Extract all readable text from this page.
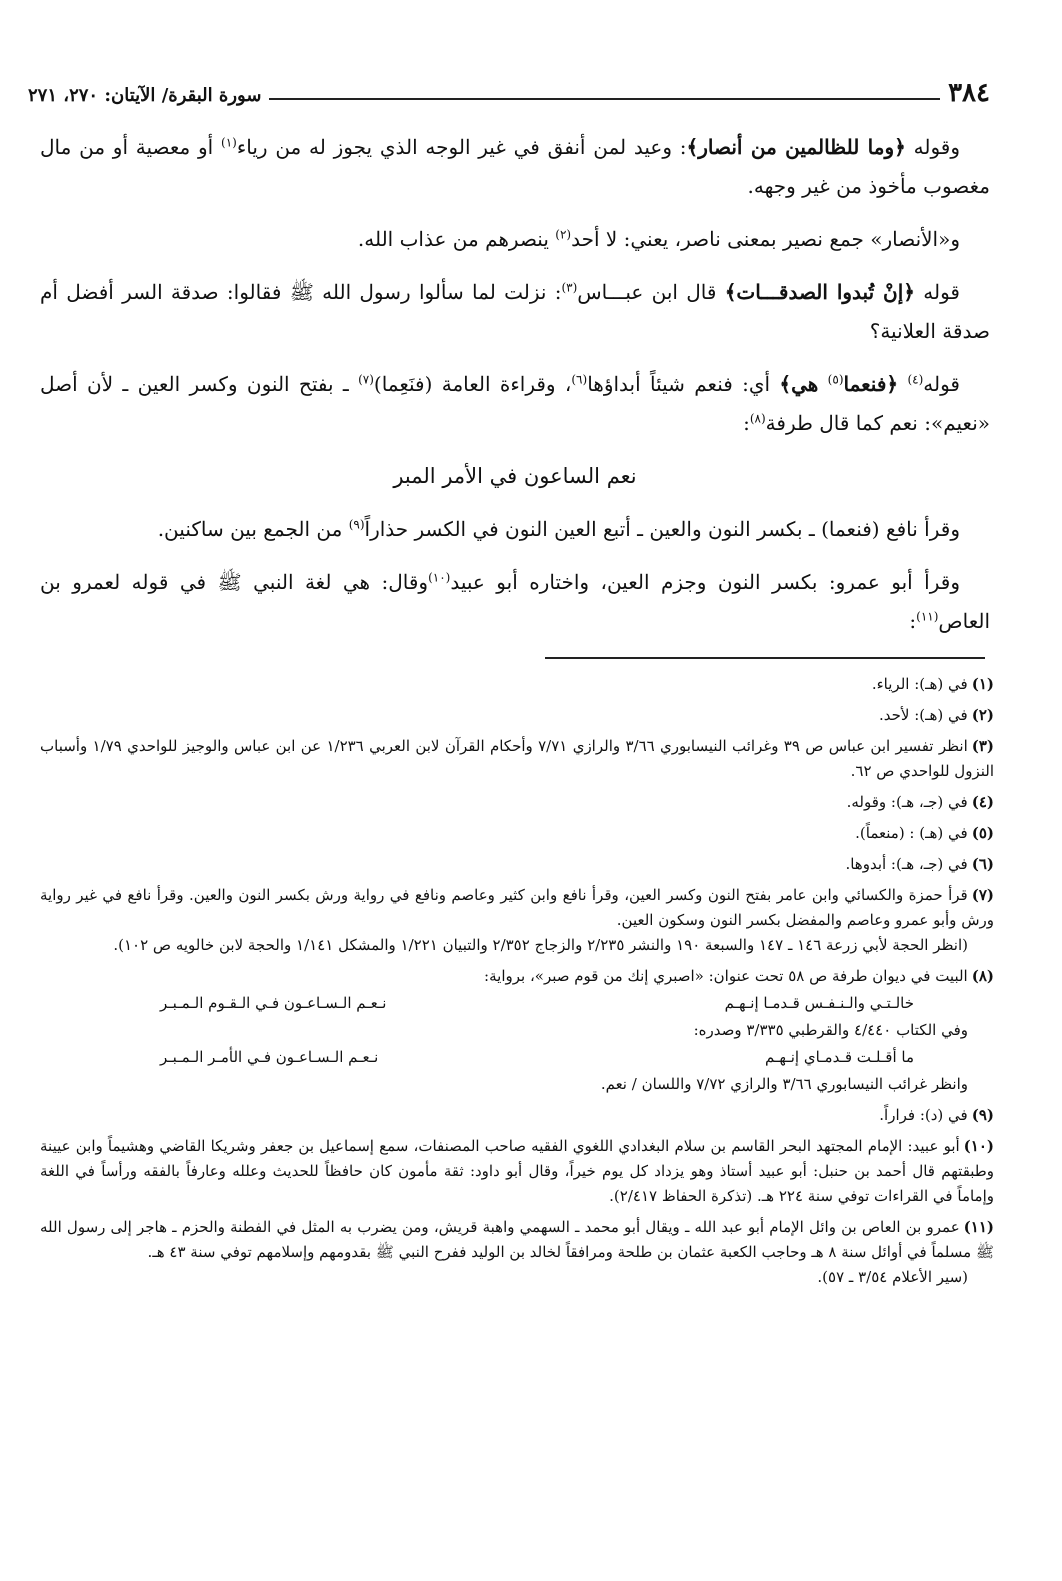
٣٨٤
سورة البقرة/ الآيتان: ٢٧٠، ٢٧١

وقوله ﴿وما للظالمين من أنصار﴾: وعيد لمن أنفق في غير الوجه الذي يجوز له من رياء$^{(١)}$ أو معصية أو من مال مغصوب مأخوذ من غير وجهه.

و«الأنصار» جمع نصير بمعنى ناصر، يعني: لا أحد$^{(٢)}$ ينصرهم من عذاب الله.

قوله ﴿إنْ تُبدوا الصدقـــات﴾ قال ابن عبـــاس$^{(٣)}$: نزلت لما سألوا رسول الله ﷺ فقالوا: صدقة السر أفضل أم صدقة العلانية؟

قوله$^{(٤)}$ ﴿فنعما$^{(٥)}$ هي﴾ أي: فنعم شيئاً أبداؤها$^{(٦)}$، وقراءة العامة (فنَعِما)$^{(٧)}$ ـ بفتح النون وكسر العين ـ لأن أصل «نعيم»: نعم كما قال طرفة$^{(٨)}$:

نعم الساعون في الأمر المبر

وقرأ نافع (فنعما) ـ بكسر النون والعين ـ أتبع العين النون في الكسر حذاراً$^{(٩)}$ من الجمع بين ساكنين.

وقرأ أبو عمرو: بكسر النون وجزم العين، واختاره أبو عبيد$^{(١٠)}$وقال: هي لغة النبي ﷺ في قوله لعمرو بن العاص$^{(١١)}$:

(١)في (هـ): الرياء.

(٢)في (هـ): لأحد.

(٣)انظر تفسير ابن عباس ص ٣٩ وغرائب النيسابوري ٣/٦٦ والرازي ٧/٧١ وأحكام القرآن لابن العربي ١/٢٣٦ عن ابن عباس والوجيز للواحدي ١/٧٩ وأسباب النزول للواحدي ص ٦٢.

(٤)في (جـ، هـ): وقوله.

(٥)في (هـ) : (منعماً).

(٦)في (جـ، هـ): أبدوها.

(٧)قرأ حمزة والكسائي وابن عامر بفتح النون وكسر العين، وقرأ نافع وابن كثير وعاصم ونافع في رواية ورش بكسر النون والعين. وقرأ نافع في غير رواية ورش وأبو عمرو وعاصم والمفضل بكسر النون وسكون العين.

(انظر الحجة لأبي زرعة ١٤٦ ـ ١٤٧ والسبعة ١٩٠ والنشر ٢/٢٣٥ والزجاج ٢/٣٥٢ والتبيان ١/٢٢١ والمشكل ١/١٤١ والحجة لابن خالويه ص ١٠٢).

(٨)البيت في ديوان طرفة ص ٥٨ تحت عنوان: «اصبري إنك من قوم صبر»، برواية:

خالـتـي والـنـفـس قـدمـا إنـهـم
نـعـم الـسـاعـون فـي الـقـوم الـمـبـر

وفي الكتاب ٤/٤٤٠ والقرطبي ٣/٣٣٥ وصدره:

ما أقـلـت قـدمـاي إنـهـم
نـعـم الـسـاعـون فـي الأمـر الـمـبـر

وانظر غرائب النيسابوري ٣/٦٦ والرازي ٧/٧٢ واللسان / نعم.

(٩)في (د): فراراً.

(١٠)أبو عبيد: الإمام المجتهد البحر القاسم بن سلام البغدادي اللغوي الفقيه صاحب المصنفات، سمع إسماعيل بن جعفر وشريكا القاضي وهشيماً وابن عيينة وطبقتهم قال أحمد بن حنبل: أبو عبيد أستاذ وهو يزداد كل يوم خيراً، وقال أبو داود: ثقة مأمون كان حافظاً للحديث وعلله وعارفاً بالفقه ورأساً في اللغة وإماماً في القراءات توفي سنة ٢٢٤ هـ. (تذكرة الحفاظ ٢/٤١٧).

(١١)عمرو بن العاص بن وائل الإمام أبو عبد الله ـ ويقال أبو محمد ـ السهمي واهبة قريش، ومن يضرب به المثل في الفطنة والحزم ـ هاجر إلى رسول الله ﷺ مسلماً في أوائل سنة ٨ هـ وحاجب الكعبة عثمان بن طلحة ومرافقاً لخالد بن الوليد ففرح النبي ﷺ بقدومهم وإسلامهم توفي سنة ٤٣ هـ.

(سير الأعلام ٣/٥٤ ـ ٥٧).
